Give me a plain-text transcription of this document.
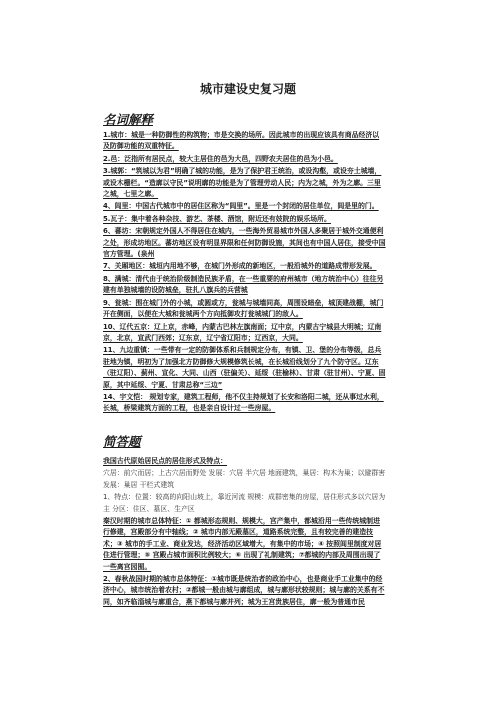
城市建设史复习题
名词解释

1.城市：城是一种防御性的构筑物；市是交换的场所。因此城市的出现应该具有商品经济以及防御功能的双重特征。

2.邑：泛指所有居民点，较大主居住的邑为大邑，四野农夫居住的邑为小邑。

3.城郭：“筑城以为君”明确了城的功能，是为了保护君王统治，或设沟壑，或设夯土城墙，或设木栅栏。“造廓以守民”说明廓的功能是为了管理劳动人民；内为之城，外为之廓。三里之城，七里之廓。

4、闾里：中国古代城市中的居住区称为“闾里”。里是一个封闭的居住单位，闾是里的门。

5.瓦子：集中着各种杂技、游艺、茶楼、酒馆，附近还有妓院的娱乐场所。

6、蕃坊：宋朝规定外国人不得居住在城内，一些海外贸易城市外国人多聚居于城外交通便利之处，形成坊地区。蕃坊地区设有明显界限和任何防御设施，其间也有中国人居住，接受中国官方管理。(泉州

7、关厢地区：城垣内用地不够，在城门外形成的新地区，一般沿城外的道路成带形发展。

8、满城：清代由于统治阶级制造民族矛盾，在一些重要的府州城市（地方统治中心）往往另建有单独城墙的设防城垒，驻扎八旗兵的兵营城

9、瓮城：围在城门外的小城，或圆或方，瓮城与城墙同高，周围设暗垒，城顶建战棚，城门开在侧面，以便在大城和瓮城两个方向抵御攻打瓮城城门的敌人。

10、辽代五京：辽上京，赤峰，内蒙古巴林左旗南面；辽中京，内蒙古宁城县大明城；辽南京，北京，宣武门西郊；辽东京，辽宁省辽阳市；辽西京，大同。

11、九边重镇：一些带有一定的防御体系和兵制规定分布，有镇、卫、堡的分布等级，总兵驻地为镇，明初为了加强北方防御修大规模修筑长城，在长城沿线划分了九个防守区。辽东（驻辽阳）、蓟州、宣化、大同、山西（驻偏关）、延绥（驻榆林）、甘肃（驻甘州）、宁夏、固原，其中延绥、宁夏、甘肃总称“三边”

14、宇文恺： 规划专家，建筑工程师，他不仅主持规划了长安和洛阳二城，还从事过水利，长城，桥梁建筑方面的工程，也是亲自设计过一些房屋。

简答题

我国古代原始居民点的居住形式及特点：

穴居：前穴而居；上古穴居而野处 发展：穴居 半穴居 地面建筑，巢居：构木为巢；以避群害 发展：巢居 干栏式建筑

1、特点：位置：较高的向阳山坡上，靠近河流 规模：成群密集的房屋，居住形式多以穴居为主 分区：住区、墓区、生产区

秦汉时期的城市总体特征：① 都城形态规则、规模大，宫产集中，都城沿用一些传统城制进行修建，宫殿部分有中轴线；② 城市内部无殿墓区，道路系统完整，且有较完善的建造技术；③ 城市的手工业、商业发达，经济活动区域增大，有集中的市场；④ 按照闾里制度对居住进行管理；⑤ 宫殿占城市面积比例较大；⑥ 出现了礼制建筑；⑦都城的内部及周围出现了一些离宫园囿。

2、春秋战国时期的城市总体特征：①城市既是统治者的政治中心，也是商业手工业集中的经济中心，城市统治着农村；②都城一般由城与廓组成，城与廓形状较规则；城与廓的关系有不同，如齐临淄城与廓重合，燕下都城与廓并列；城为王宫贵族居住，廓一般为普通市民
